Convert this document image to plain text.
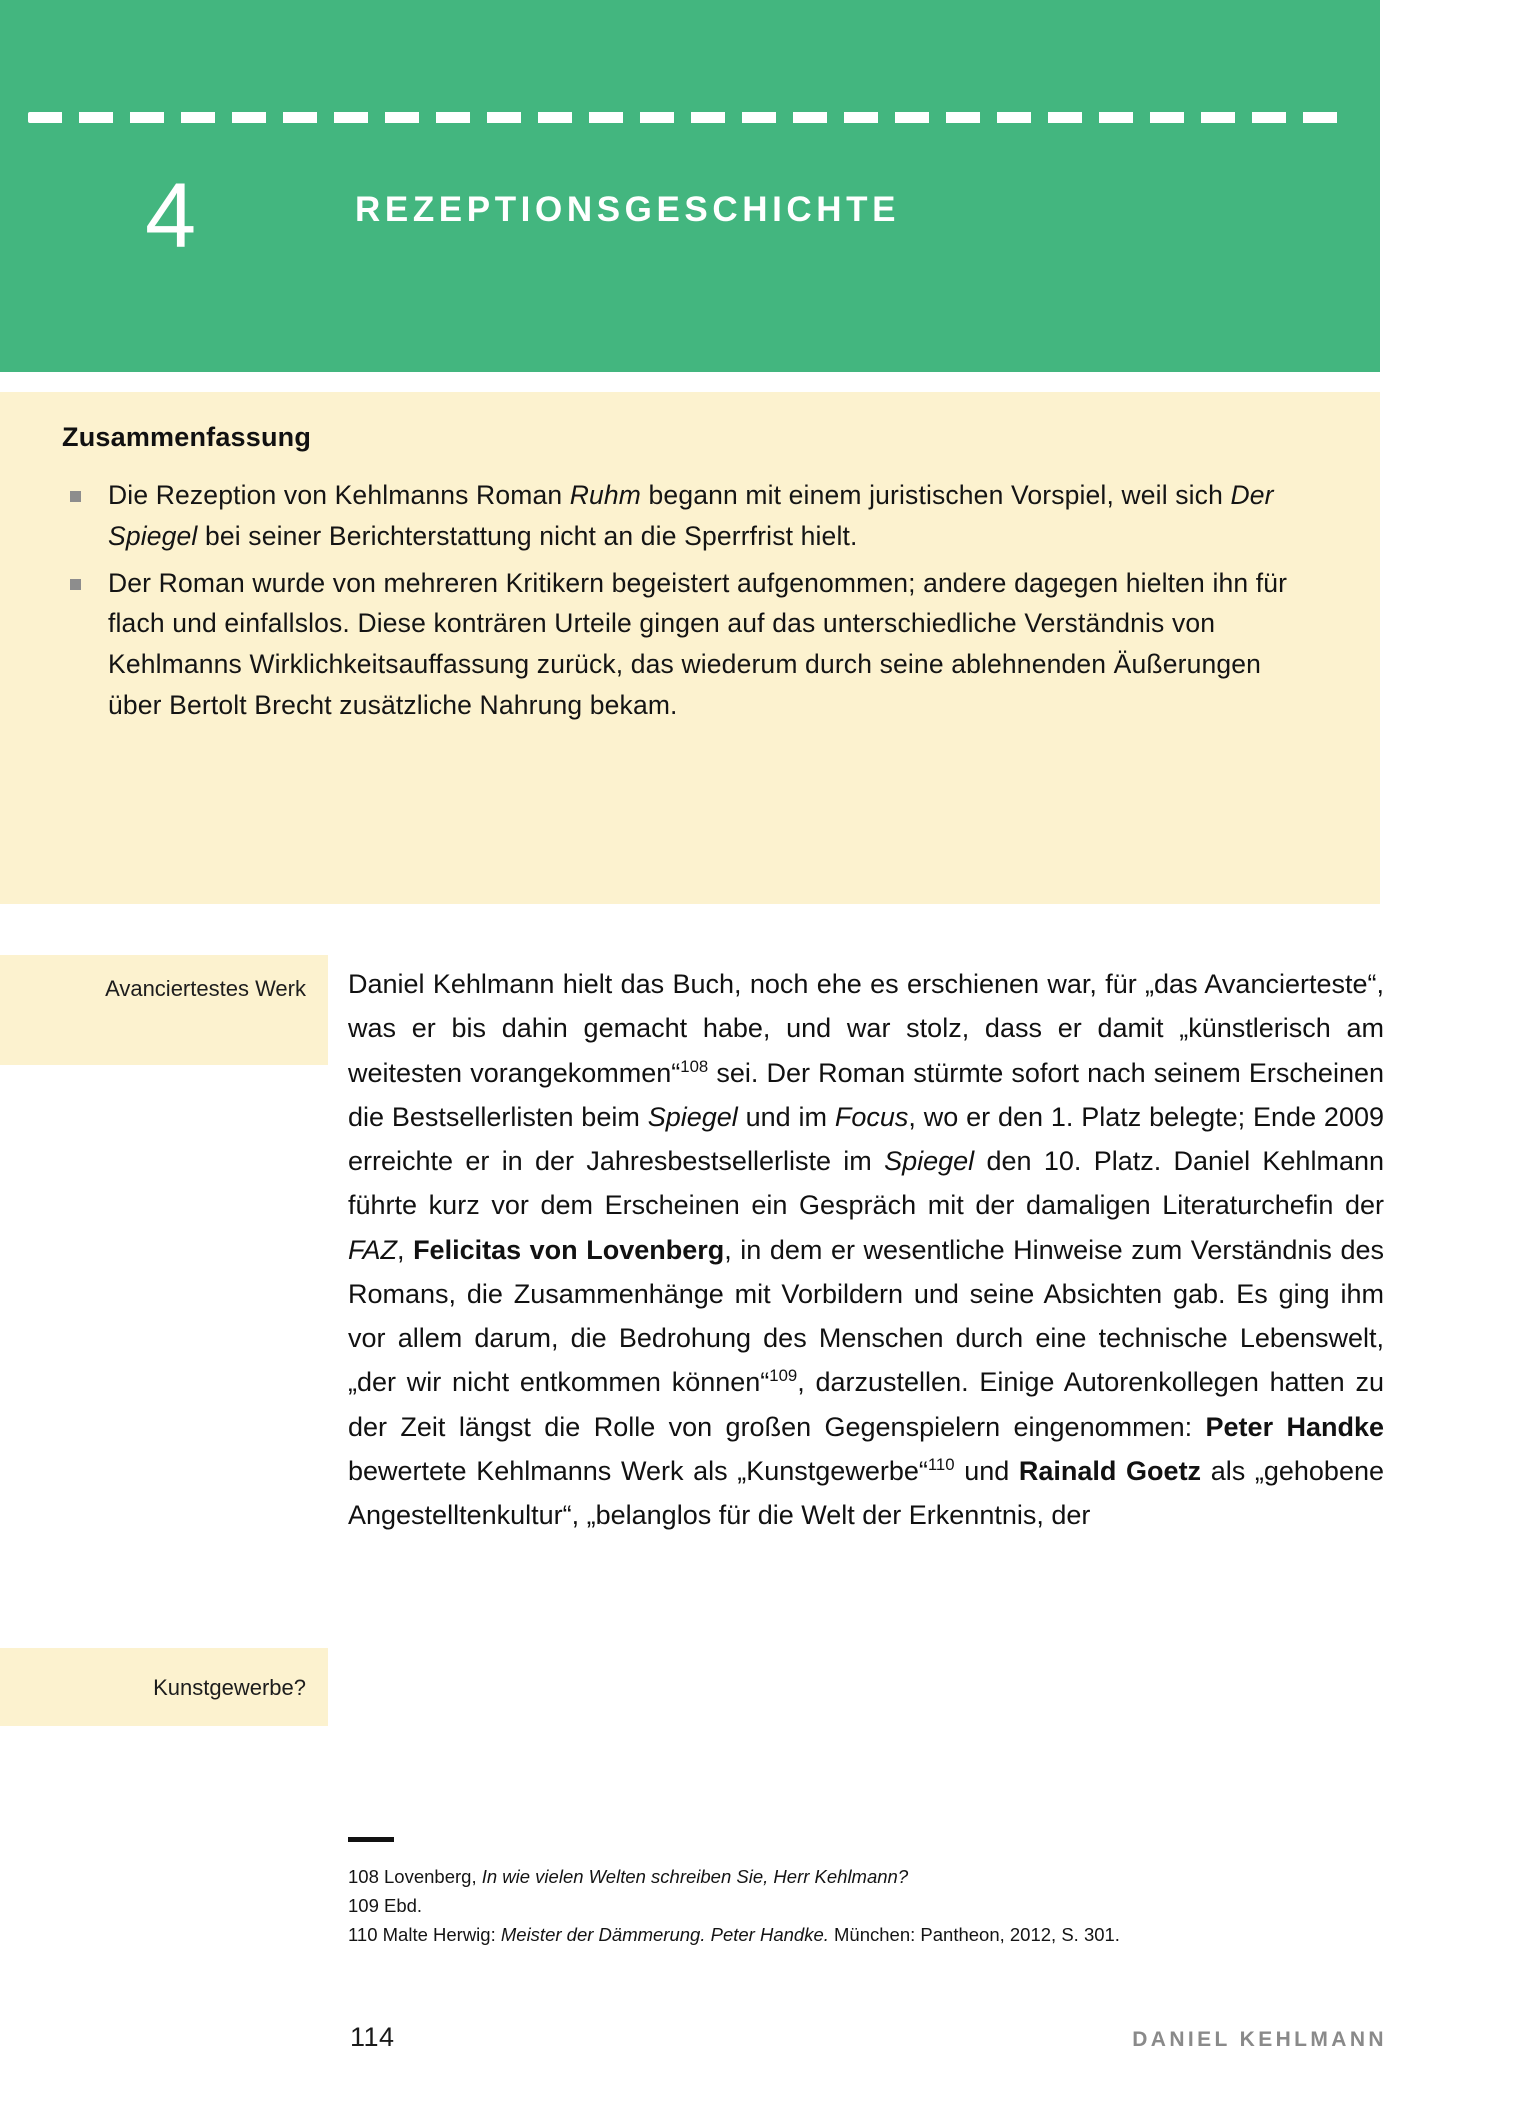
4	REZEPTIONSGESCHICHTE
Zusammenfassung
Die Rezeption von Kehlmanns Roman Ruhm begann mit einem juristischen Vorspiel, weil sich Der Spiegel bei seiner Berichterstattung nicht an die Sperrfrist hielt.
Der Roman wurde von mehreren Kritikern begeistert aufgenommen; andere dagegen hielten ihn für flach und einfallslos. Diese konträren Urteile gingen auf das unterschiedliche Verständnis von Kehlmanns Wirklichkeitsauffassung zurück, das wiederum durch seine ablehnenden Äußerungen über Bertolt Brecht zusätzliche Nahrung bekam.
Avanciertestes Werk
Kunstgewerbe?

Daniel Kehlmann hielt das Buch, noch ehe es erschienen war, für „das Avancierteste“, was er bis dahin gemacht habe, und war stolz, dass er damit „künstlerisch am weitesten vorangekommen“$^{108}$ sei. Der Roman stürmte sofort nach seinem Erscheinen die Bestsellerlisten beim Spiegel und im Focus, wo er den 1. Platz belegte; Ende 2009 erreichte er in der Jahresbestsellerliste im Spiegel den 10. Platz. Daniel Kehlmann führte kurz vor dem Erscheinen ein Gespräch mit der damaligen Literaturchefin der FAZ, Felicitas von Lovenberg, in dem er wesentliche Hinweise zum Verständnis des Romans, die Zusammenhänge mit Vorbildern und seine Absichten gab. Es ging ihm vor allem darum, die Bedrohung des Menschen durch eine technische Lebenswelt, „der wir nicht entkommen können“$^{109}$, darzustellen. Einige Autorenkollegen hatten zu der Zeit längst die Rolle von großen Gegenspielern eingenommen: Peter Handke bewertete Kehlmanns Werk als „Kunstgewerbe“$^{110}$ und Rainald Goetz als „gehobene Angestelltenkultur“, „belanglos für die Welt der Erkenntnis, der

108 Lovenberg, In wie vielen Welten schreiben Sie, Herr Kehlmann?
109 Ebd.
110 Malte Herwig: Meister der Dämmerung. Peter Handke. München: Pantheon, 2012, S. 301.
114	DANIEL KEHLMANN
